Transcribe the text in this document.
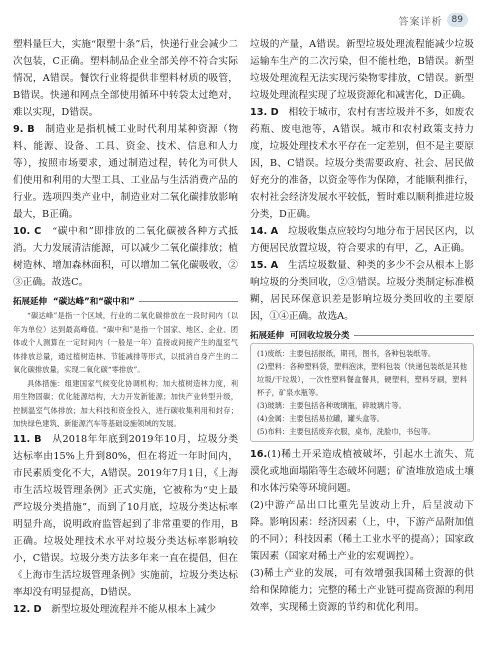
答案详析	89

塑料量巨大，实施“限塑十条”后，快递行业会减少二次包装，C正确。塑料制品企业全部关停不符合实际情况，A错误。餐饮行业将提供非塑料材质的吸管，B错误。快递和网点全部使用循环中转袋太过绝对，难以实现，D错误。

9. B　 制造业是指机械工业时代利用某种资源（物料、能源、设备、工具、资金、技术、信息和人力等），按照市场要求，通过制造过程，转化为可供人们使用和利用的大型工具、工业品与生活消费产品的行业。选项四类产业中，制造业对二氧化碳排放影响最大，B正确。

10. C　 “碳中和”即排放的二氧化碳被各种方式抵消。大力发展清洁能源，可以减少二氧化碳排放；植树造林、增加森林面积，可以增加二氧化碳吸收，②③正确。故选C。

拓展延伸 “碳达峰”和“碳中和”

“碳达峰”是指一个区域，行业的二氧化碳排放在一段时间内（以年为单位）达到最高峰值。“碳中和”是指一个国家、地区、企业、团体或个人测算在一定时间内（一般是一年）直接或间接产生的温室气体排放总量，通过植树造林、节能减排等形式，以抵消自身产生的二氧化碳排放量，实现二氧化碳“零排放”。

具体措施：组建国家气候变化协调机构；加大植树造林力度，利用生物固碳；优化能源结构，大力开发新能源；加快产业转型升级，控制温室气体排放；加大科技和资金投入，进行碳收集利用和封存；加快绿色建筑、新能源汽车等基础设施领域的发展。

11. B　 从2018年年底到2019年10月，垃圾分类达标率由15%上升到80%，但在将近一年时间内，市民素质变化不大，A错误。2019年7月1日，《上海市生活垃圾管理条例》正式实施，它被称为“史上最严垃圾分类措施”，而到了10月底，垃圾分类达标率明显升高，说明政府监管起到了非常重要的作用，B正确。垃圾处理技术水平对垃圾分类达标率影响较小，C错误。垃圾分类方法多年来一直在提倡，但在《上海市生活垃圾管理条例》实施前，垃圾分类达标率却没有明显提高，D错误。

12. D　 新型垃圾处理流程并不能从根本上减少

垃圾的产量，A错误。新型垃圾处理流程能减少垃圾运输车生产的二次污染，但不能杜绝，B错误。新型垃圾处理流程无法实现污染物零排放，C错误。新型垃圾处理流程实现了垃圾资源化和减害化，D正确。

13. D　 相较于城市，农村有害垃圾并不多，如废农药瓶、废电池等，A错误。城市和农村政策支持力度，垃圾处理技术水平存在一定差别，但不是主要原因，B、C错误。垃圾分类需要政府、社会、居民做好充分的准备，以资金等作为保障，才能顺利推行，农村社会经济发展水平较低，暂时难以顺利推进垃圾分类，D正确。

14. A　 垃圾收集点应较均匀地分布于居民区内，以方便居民放置垃圾，符合要求的有甲，乙，A正确。

15. A　 生活垃圾数量、种类的多少不会从根本上影响垃圾的分类回收，②③错误。垃圾分类制定标准模糊，居民环保意识差是影响垃圾分类回收的主要原因，①④正确。故选A。

拓展延伸 可回收垃圾分类

(1)废纸：主要包括报纸，期刊，图书，各种包装纸等。

(2)塑料：各种塑料袋，塑料泡沫，塑料包装（快递包装纸是其他垃圾/干垃圾），一次性塑料餐盒餐具，硬塑料，塑料牙刷，塑料杯子，矿泉水瓶等。

(3)玻璃：主要包括各种玻璃瓶，碎玻璃片等。

(4)金属：主要包括易拉罐，罐头盒等。

(5)布料：主要包括废弃衣服，桌布，洗脸巾，书包等。

16.(1)稀土开采造成植被破坏，引起水土流失、荒漠化或地面塌陷等生态破坏问题；矿渣堆放造成土壤和水体污染等环境问题。

(2)中游产品出口比重先呈波动上升，后呈波动下降。影响因素：经济因素（上，中，下游产品附加值的不同）；科技因素（稀土工业水平的提高）；国家政策因素（国家对稀土产业的宏观调控）。

(3)稀土产业的发展，可有效增强我国稀土资源的供给和保障能力；完整的稀土产业链可提高资源的利用效率，实现稀土资源的节约和优化利用。
